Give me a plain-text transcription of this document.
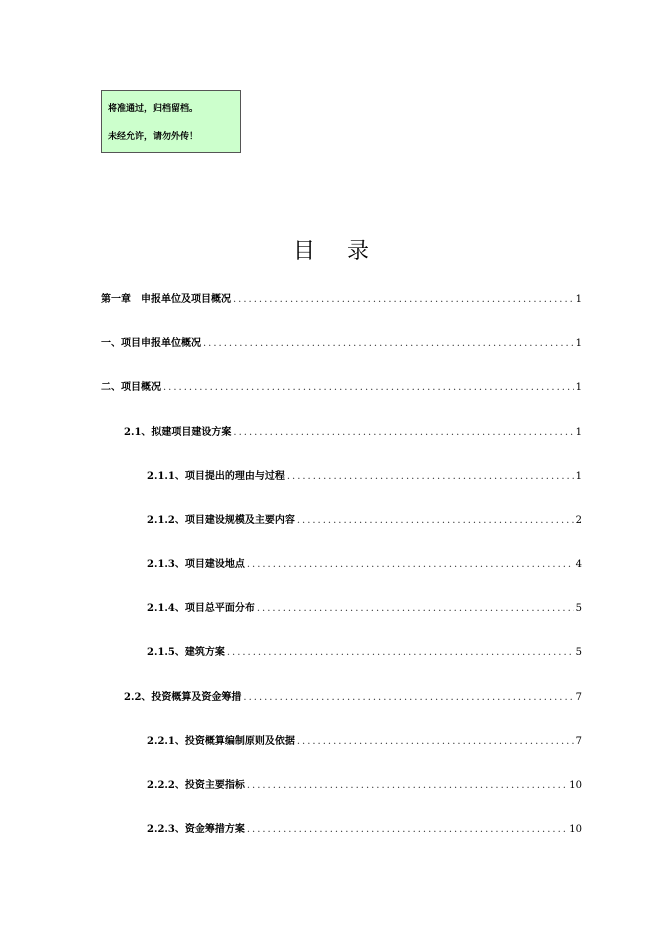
将准通过，归档留档。
未经允许，请勿外传！
目录
第一章　申报单位及项目概况 .....	1
一、项目申报单位概况 .....	1
二、项目概况 .....	1
2.1、拟建项目建设方案 .....	1
2.1.1、项目提出的理由与过程 .....	1
2.1.2、项目建设规模及主要内容 .....	2
2.1.3、项目建设地点 .....	4
2.1.4、项目总平面分布 .....	5
2.1.5、建筑方案 .....	5
2.2、投资概算及资金筹措 .....	7
2.2.1、投资概算编制原则及依据 .....	7
2.2.2、投资主要指标 .....	10
2.2.3、资金筹措方案 .....	10
